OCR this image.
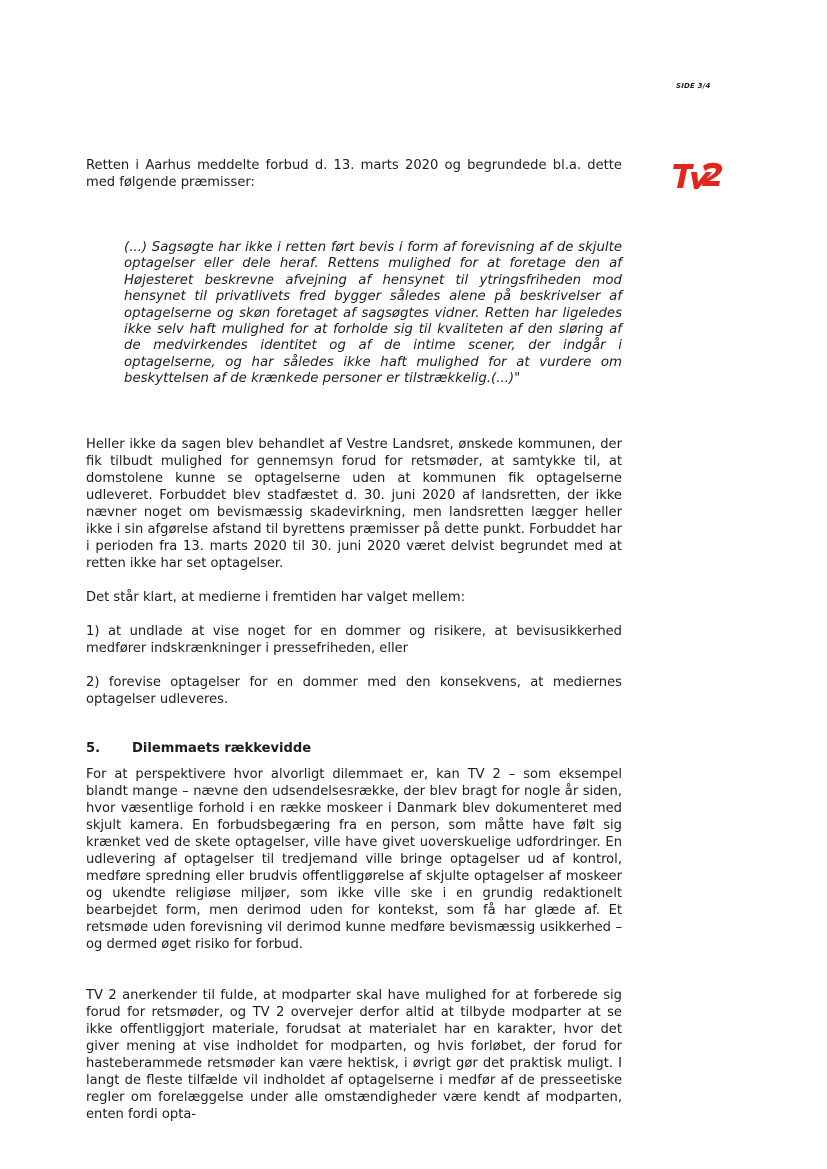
SIDE 3/4

Retten i Aarhus meddelte forbud d. 13. marts 2020 og begrundede bl.a. dette med følgende præmisser:

(...) Sagsøgte har ikke i retten ført bevis i form af forevisning af de skjulte optagelser eller dele heraf. Rettens mulighed for at foretage den af Højesteret beskrevne afvejning af hensynet til ytringsfriheden mod hensynet til privatlivets fred bygger således alene på beskrivelser af optagelserne og skøn foretaget af sagsøgtes vidner. Retten har ligeledes ikke selv haft mulighed for at forholde sig til kvaliteten af den sløring af de medvirkendes identitet og af de intime scener, der indgår i optagelserne, og har således ikke haft mulighed for at vurdere om beskyttelsen af de krænkede personer er tilstrækkelig.(...)"

Heller ikke da sagen blev behandlet af Vestre Landsret, ønskede kommunen, der fik tilbudt mulighed for gennemsyn forud for retsmøder, at samtykke til, at domstolene kunne se optagelserne uden at kommunen fik optagelserne udleveret. Forbuddet blev stadfæstet d. 30. juni 2020 af landsretten, der ikke nævner noget om bevismæssig skadevirkning, men landsretten lægger heller ikke i sin afgørelse afstand til byrettens præmisser på dette punkt. Forbuddet har i perioden fra 13. marts 2020 til 30. juni 2020 været delvist begrundet med at retten ikke har set optagelser.

Det står klart, at medierne i fremtiden har valget mellem:

1) at undlade at vise noget for en dommer og risikere, at bevisusikkerhed medfører indskrænkninger i pressefriheden, eller

2) forevise optagelser for en dommer med den konsekvens, at mediernes optagelser udleveres.

5.	Dilemmaets rækkevidde

For at perspektivere hvor alvorligt dilemmaet er, kan TV 2 – som eksempel blandt mange – nævne den udsendelsesrække, der blev bragt for nogle år siden, hvor væsentlige forhold i en række moskeer i Danmark blev dokumenteret med skjult kamera. En forbudsbegæring fra en person, som måtte have følt sig krænket ved de skete optagelser, ville have givet uoverskuelige udfordringer. En udlevering af optagelser til tredjemand ville bringe optagelser ud af kontrol, medføre spredning eller brudvis offentliggørelse af skjulte optagelser af moskeer og ukendte religiøse miljøer, som ikke ville ske i en grundig redaktionelt bearbejdet form, men derimod uden for kontekst, som få har glæde af. Et retsmøde uden forevisning vil derimod kunne medføre bevismæssig usikkerhed – og dermed øget risiko for forbud.

TV 2 anerkender til fulde, at modparter skal have mulighed for at forberede sig forud for retsmøder, og TV 2 overvejer derfor altid at tilbyde modparter at se ikke offentliggjort materiale, forudsat at materialet har en karakter, hvor det giver mening at vise indholdet for modparten, og hvis forløbet, der forud for hasteberammede retsmøder kan være hektisk, i øvrigt gør det praktisk muligt. I langt de fleste tilfælde vil indholdet af optagelserne i medfør af de presseetiske regler om forelæggelse under alle omstændigheder være kendt af modparten, enten fordi opta-
